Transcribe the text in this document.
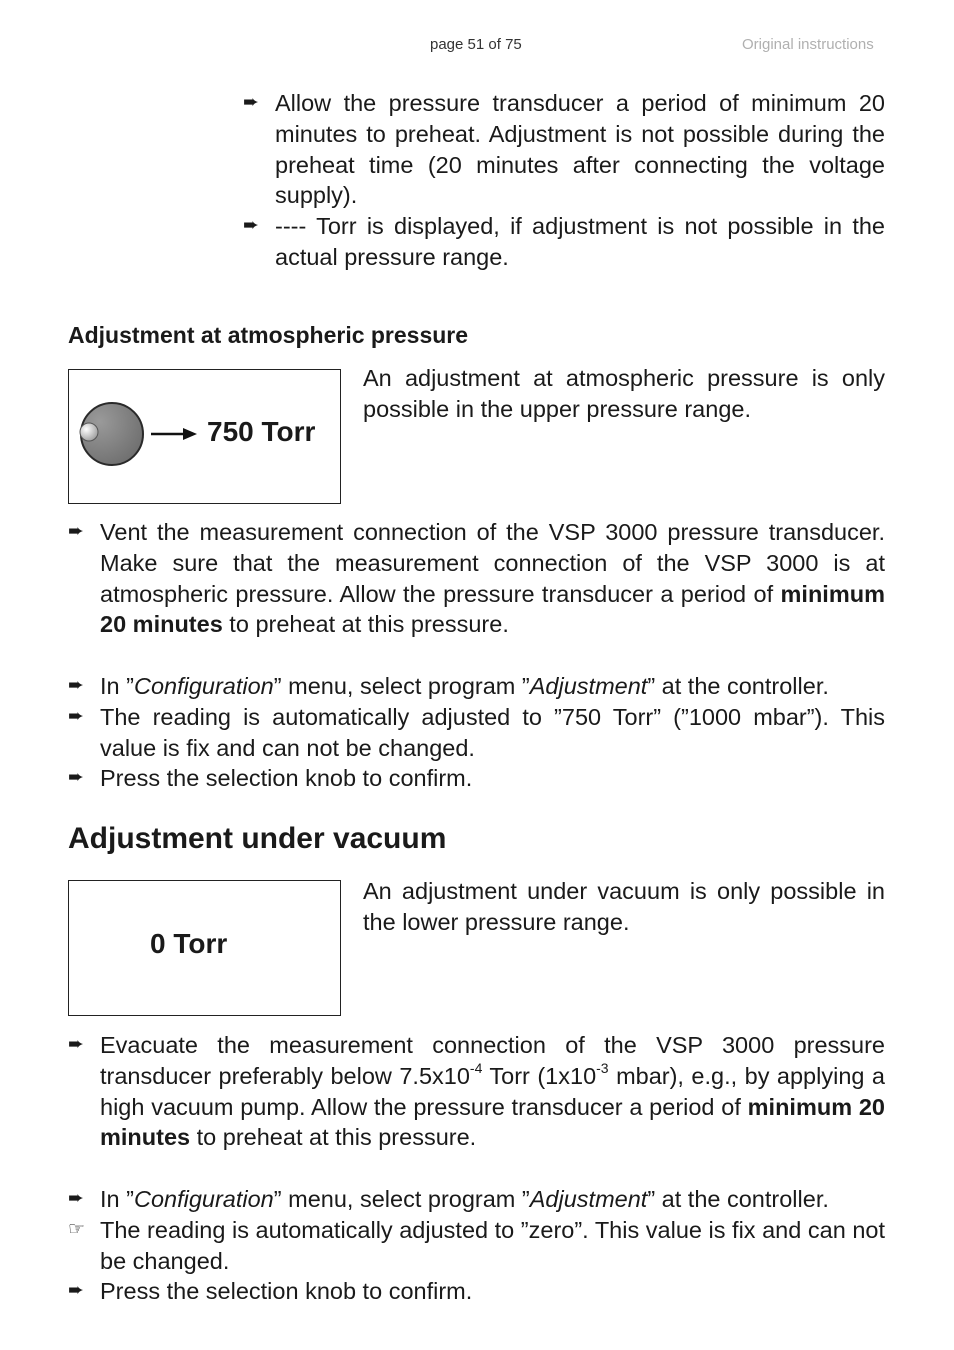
page 51 of 75	Original instructions
➨ Allow the pressure transducer a period of minimum 20 minutes to preheat. Adjustment is not possible during the preheat time (20 minutes after connecting the voltage supply).
➨ ---- Torr is displayed, if adjustment is not possible in the actual pressure range.
Adjustment at atmospheric pressure
750 Torr
An adjustment at atmospheric pressure is only possible in the upper pressure range.
➨ Vent the measurement connection of the VSP 3000 pressure transducer. Make sure that the measurement connection of the VSP 3000 is at atmospheric pressure. Allow the pressure transducer a period of minimum 20 minutes to preheat at this pressure.
➨ In ”Configuration” menu, select program ”Adjustment” at the controller.
➨ The reading is automatically adjusted to ”750 Torr” (”1000 mbar”). This value is fix and can not be changed.
➨ Press the selection knob to confirm.
Adjustment under vacuum
0 Torr
An adjustment under vacuum is only possible in the lower pressure range.
➨ Evacuate the measurement connection of the VSP 3000 pressure transducer preferably below $7.5x10^{-4}$ Torr ($1x10^{-3}$ mbar), e.g., by applying a high vacuum pump. Allow the pressure transducer a period of minimum 20 minutes to preheat at this pressure.
➨ In ”Configuration” menu, select program ”Adjustment” at the controller.
☞ The reading is automatically adjusted to ”zero”. This value is fix and can not be changed.
➨ Press the selection knob to confirm.
